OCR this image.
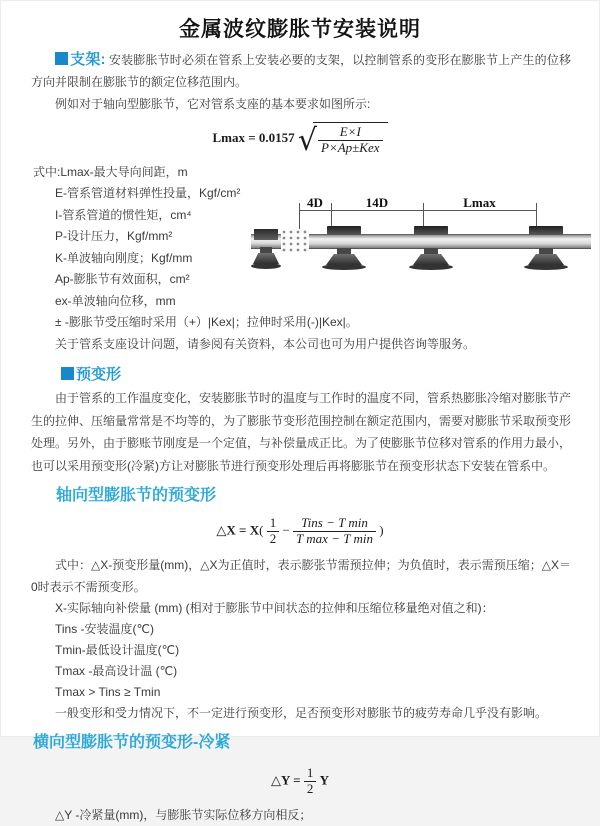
金属波纹膨胀节安装说明

支架: 安装膨胀节时必须在管系上安装必要的支架，以控制管系的变形在膨胀节上产生的位移方向并限制在膨胀节的额定位移范围内。

例如对于轴向型膨胀节，它对管系支座的基本要求如图所示:

Lmax = 0.0157 √ $\frac{E\times I}{\text{P×Ap±Kex}}$
式中:Lmax-最大导向间距，m
E-管系管道材料弹性投量，Kgf/cm²
I-管系管道的惯性矩，cm⁴
P-设计压力，Kgf/mm²
K-单波轴向刚度；Kgf/mm
Ap-膨胀节有效面积，cm²
ex-单波轴向位移，mm
± -膨胀节受压缩时采用（+）|Kex|；拉伸时采用(-)|Kex|。
关于管系支座设计问题，请参阅有关资料，本公司也可为用户提供咨询等服务。
4D	14D	Lmax
预变形

由于管系的工作温度变化，安装膨胀节时的温度与工作时的温度不同，管系热膨胀冷缩对膨胀节产生的拉伸、压缩量常常是不均等的，为了膨胀节变形范围控制在额定范围内，需要对膨胀节采取预变形处理。另外，由于膨账节刚度是一个定值，与补偿量成正比。为了使膨胀节位移对管系的作用力最小，也可以采用预变形(冷紧)方让对膨胀节进行预变形处理后再将膨胀节在预变形状态下安装在管系中。

轴向型膨胀节的预变形
△X = $X( \frac{1}{2} - \frac{\text{Tins − T min}}{\text{T max − T min}}$ )

式中：△X-预变形量(mm)，△X为正值时，表示膨张节需预拉伸；为负值时，表示需预压缩；△X＝0时表示不需预变形。

X-实际轴向补偿量 (mm) (相对于膨胀节中间状态的拉伸和压缩位移量绝对值之和)：
Tins -安装温度(℃)
Tmin-最低设计温度(℃)
Tmax -最高设计温 (℃)
Tmax > Tins ≥ Tmin
一般变形和受力情况下，不一定进行预变形，足否预变形对膨胀节的疲劳寿命几乎没有影响。
横向型膨胀节的预变形-冷紧
△Y = $\frac{1}{2}$ Y
△Y -冷紧量(mm)，与膨胀节实际位移方向相反；
